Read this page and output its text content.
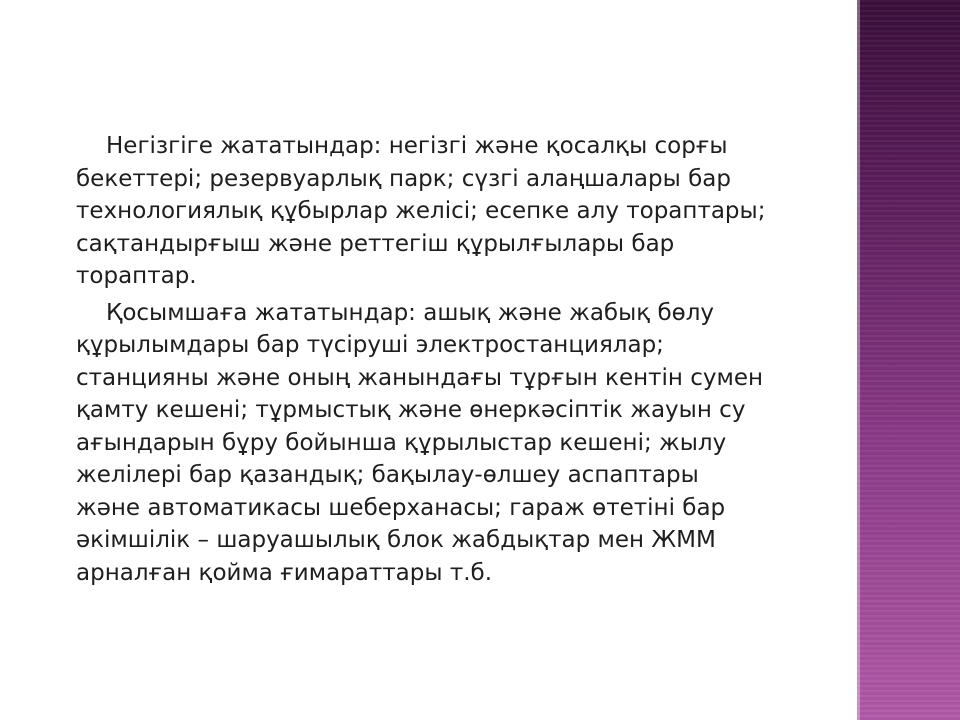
Негізгіге жататындар: негізгі және қосалқы сорғы бекеттері; резервуарлық парк; сүзгі алаңшалары бар технологиялық құбырлар желісі; есепке алу торaптары; сақтандырғыш және реттегіш құрылғылары бар тораптар.

Қосымшаға жататындар: ашық және жабық бөлу құрылымдары бар түсіруші электростанциялар; станцияны және оның жанындағы тұрғын кентін сумен қамту кешені; тұрмыстық және өнеркәсіптік жауын су ағындарын бұру бойынша құрылыстар кешені; жылу желілері бар қазандық; бақылау-өлшеу аспаптары және автоматикасы шеберханасы; гараж өтетіні бар әкімшілік – шаруашылық блок жабдықтар мен ЖММ арналған қойма ғимараттары т.б.
